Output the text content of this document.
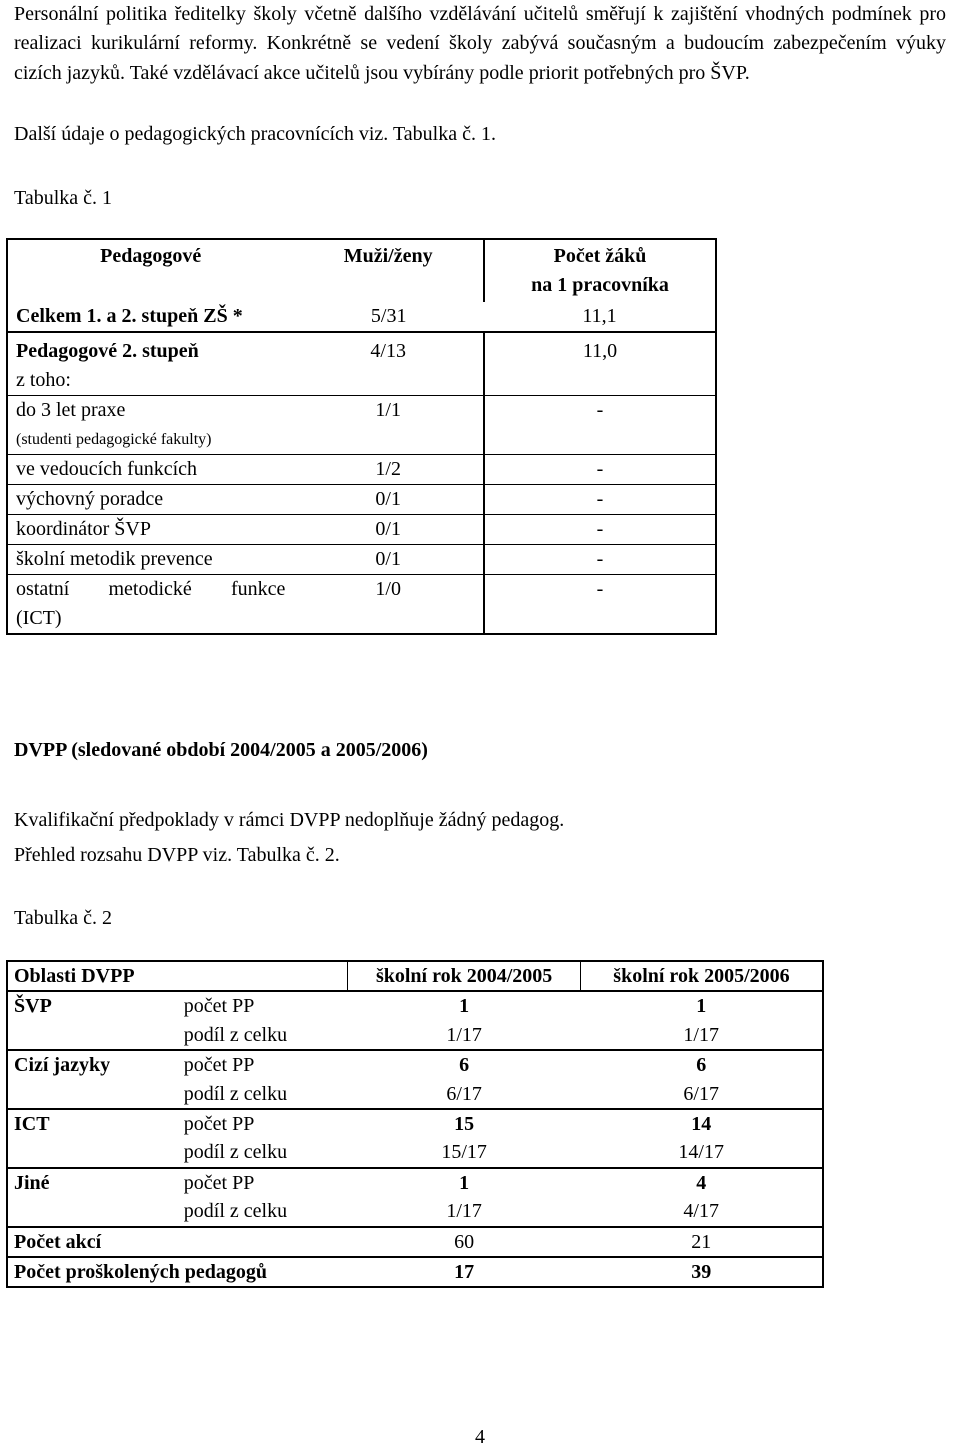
Personální politika ředitelky školy včetně dalšího vzdělávání učitelů směřují k zajištění vhodných podmínek pro realizaci kurikulární reformy. Konkrétně se vedení školy zabývá současným a budoucím zabezpečením výuky cizích jazyků. Také vzdělávací akce učitelů jsou vybírány podle priorit potřebných pro ŠVP.

Další údaje o pedagogických pracovnících viz. Tabulka č. 1.

Tabulka č. 1

Pedagogové	Muži/ženy	Počet žáků
na 1 pracovníka

Celkem 1. a 2. stupeň ZŠ *	5/31	11,1
Pedagogové 2. stupeň	4/13	11,0
z toho:		
do 3 let praxe	1/1	-
(studenti pedagogické fakulty)		
ve vedoucích funkcích	1/2	-
výchovný poradce	0/1	-
koordinátor ŠVP	0/1	-
školní metodik prevence	0/1	-
ostatní metodické funkce	1/0	-
(ICT)		

DVPP (sledované období 2004/2005 a 2005/2006)

Kvalifikační předpoklady v rámci DVPP nedoplňuje žádný pedagog.

Přehled rozsahu DVPP viz. Tabulka č. 2.

Tabulka č. 2

Oblasti DVPP		školní rok 2004/2005	školní rok 2005/2006
ŠVP	počet PP	1	1
	podíl z celku	1/17	1/17
Cizí jazyky	počet PP	6	6
	podíl z celku	6/17	6/17
ICT	počet PP	15	14
	podíl z celku	15/17	14/17
Jiné	počet PP	1	4
	podíl z celku	1/17	4/17
Počet akcí		60	21
Počet proškolených pedagogů		17	39
4
